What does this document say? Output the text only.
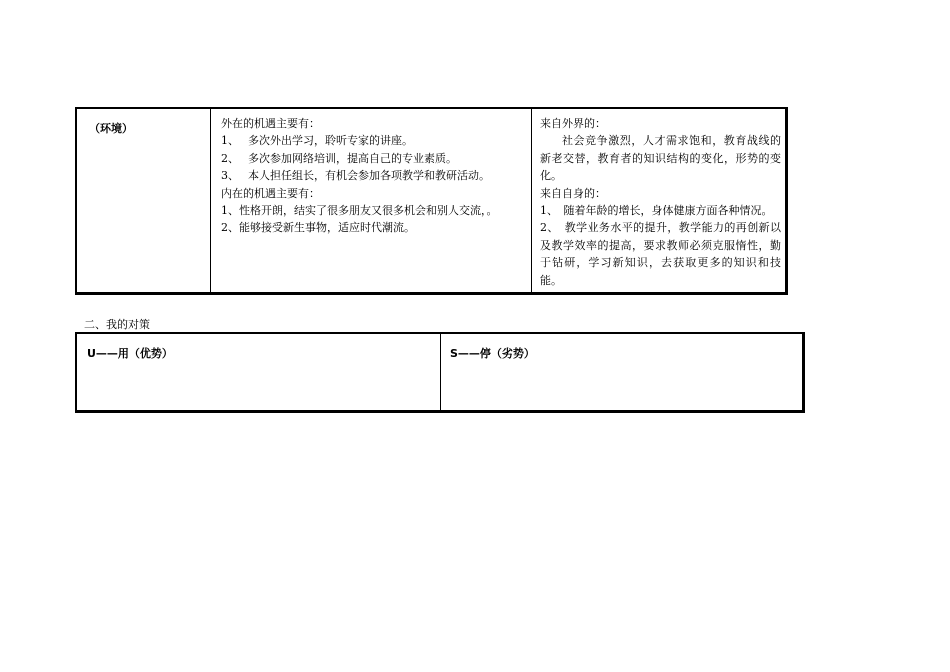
（环境）	外在的机遇主要有：
1、　 多次外出学习，聆听专家的讲座。
2、　 多次参加网络培训，提高自己的专业素质。
3、　 本人担任组长，有机会参加各项教学和教研活动。
内在的机遇主要有：
1、性格开朗，结实了很多朋友又很多机会和别人交流，。
2、能够接受新生事物，适应时代潮流。
来自外界的：
社会竞争激烈，人才需求饱和，教育战线的新老交替，教育者的知识结构的变化，形势的变化。
来自自身的：
1、　随着年龄的增长，身体健康方面各种情况。
2、　教学业务水平的提升，教学能力的再创新以及教学效率的提高，要求教师必须克服惰性，勤于钻研，学习新知识，去获取更多的知识和技能。
二、我的对策
U——用（优势）	S——停（劣势）
